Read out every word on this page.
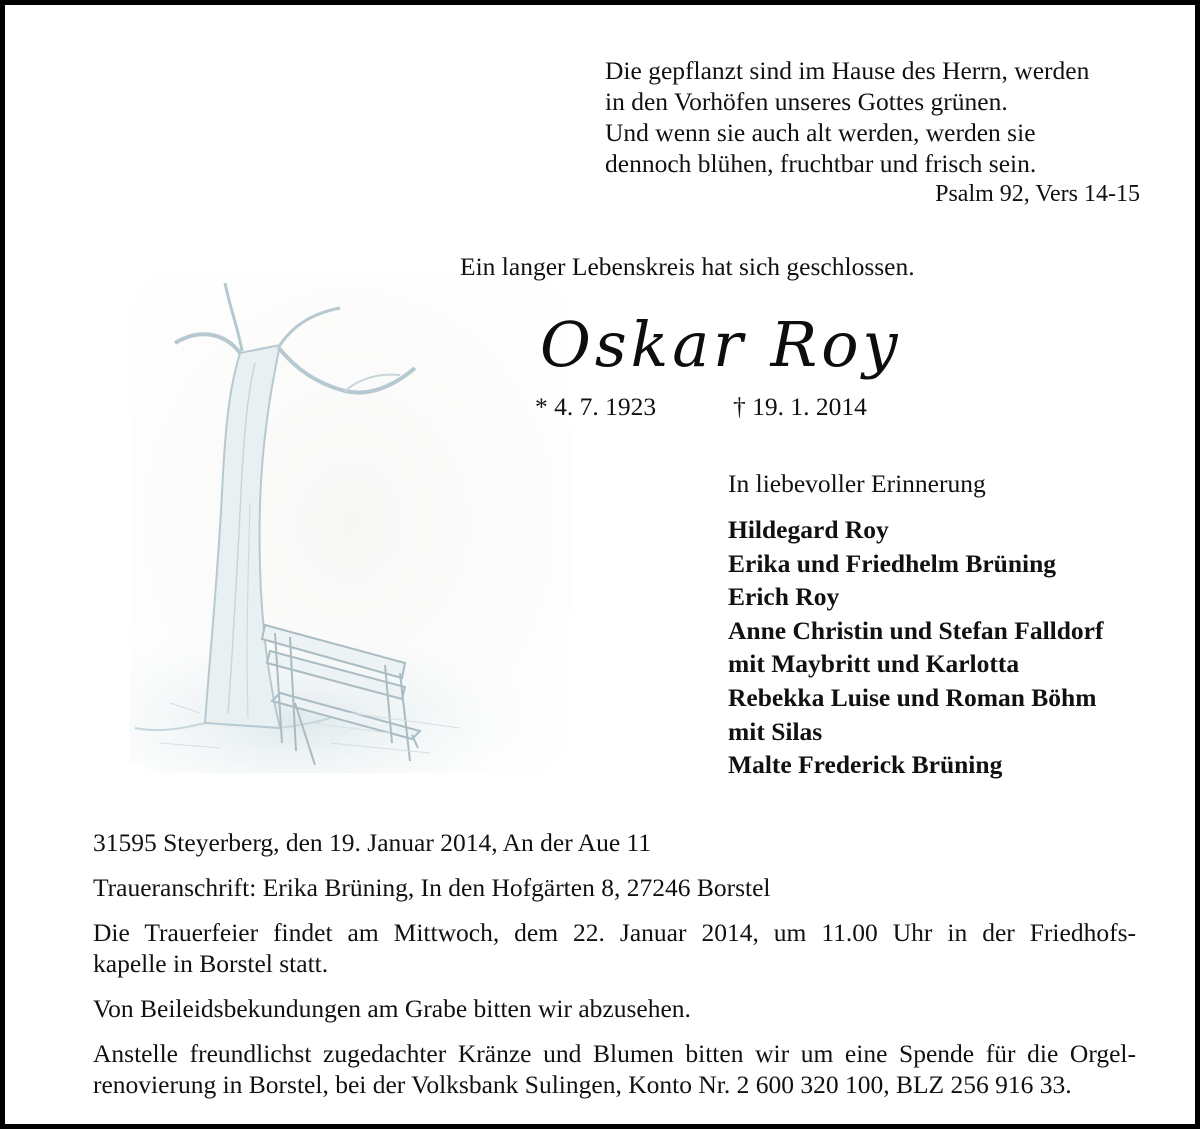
Die gepflanzt sind im Hause des Herrn, werden
in den Vorhöfen unseres Gottes grünen.
Und wenn sie auch alt werden, werden sie
dennoch blühen, fruchtbar und frisch sein.
Psalm 92, Vers 14-15
Ein langer Lebenskreis hat sich geschlossen.
Oskar Roy
* 4. 7. 1923	† 19. 1. 2014
In liebevoller Erinnerung
Hildegard Roy
Erika und Friedhelm Brüning
Erich Roy
Anne Christin und Stefan Falldorf
mit Maybritt und Karlotta
Rebekka Luise und Roman Böhm
mit Silas
Malte Frederick Brüning

31595 Steyerberg, den 19. Januar 2014, An der Aue 11

Traueranschrift: Erika Brüning, In den Hofgärten 8, 27246 Borstel

Die Trauerfeier findet am Mittwoch, dem 22. Januar 2014, um 11.00 Uhr in der Friedhofs-
kapelle in Borstel statt.

Von Beileidsbekundungen am Grabe bitten wir abzusehen.

Anstelle freundlichst zugedachter Kränze und Blumen bitten wir um eine Spende für die Orgel-
renovierung in Borstel, bei der Volksbank Sulingen, Konto Nr. 2 600 320 100, BLZ 256 916 33.
